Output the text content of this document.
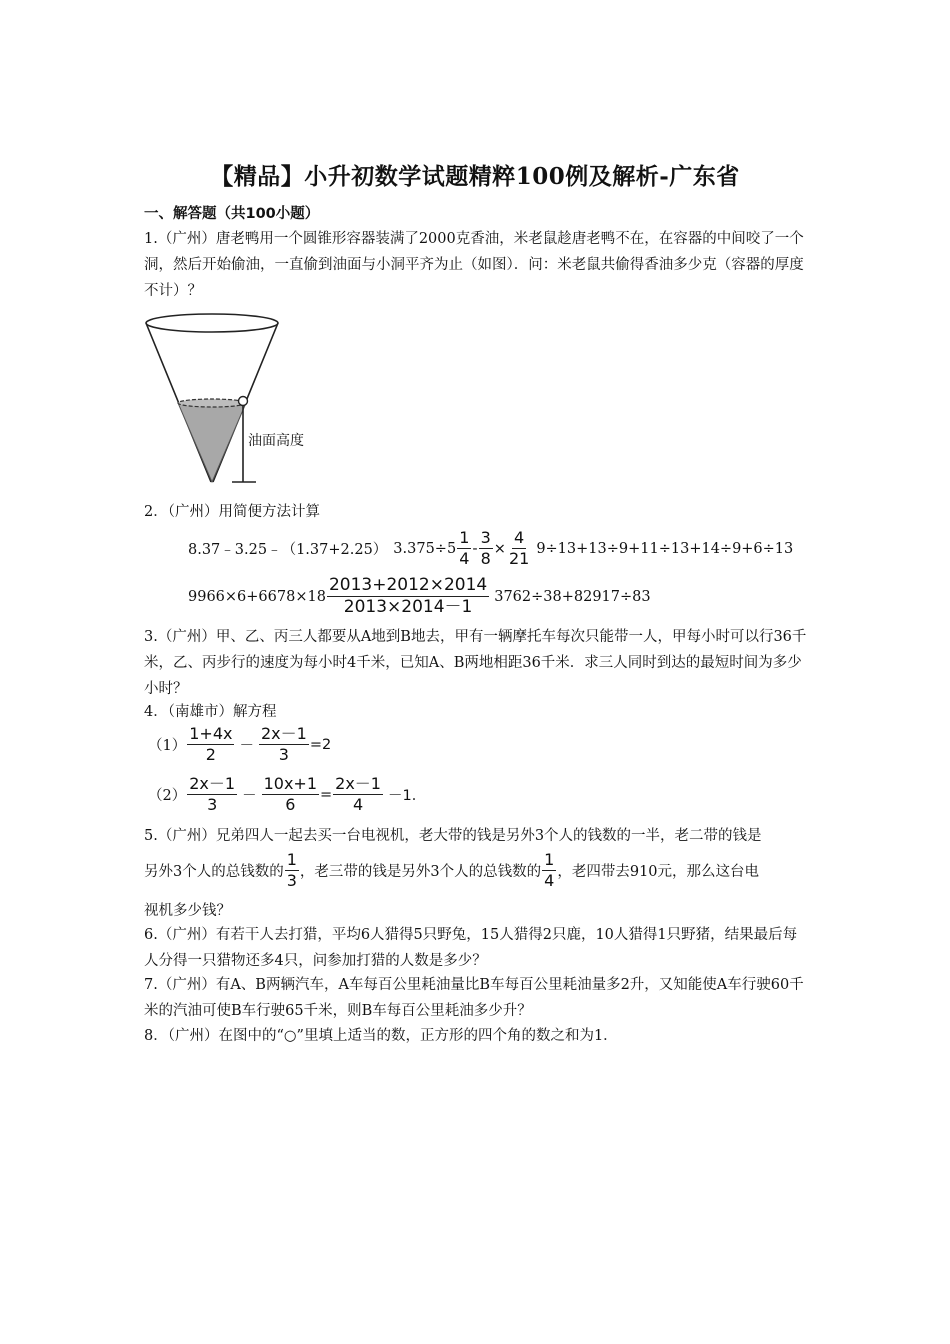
【精品】小升初数学试题精粹100例及解析-广东省
一、解答题（共100小题）
1.（广州）唐老鸭用一个圆锥形容器装满了2000克香油，米老鼠趁唐老鸭不在，在容器的中间咬了一个洞，然后开始偷油，一直偷到油面与小洞平齐为止（如图）．问：米老鼠共偷得香油多少克（容器的厚度不计）？
油面高度
2．（广州）用简便方法计算
8.37﹣3.25﹣（1.37+2.25） $3.375\div 5 \frac{1}{4} - \frac{3}{8} \times \frac{4}{21} 9\div 13+13\div 9+11\div 13+14\div 9+6\div 13$
$9966\times 6+6678\times 18 \frac{2013+2012\times 2014}{2013\times 2014-1} 3762\div 38+82917\div 83$
3.（广州）甲、乙、丙三人都要从A地到B地去，甲有一辆摩托车每次只能带一人，甲每小时可以行36千米，乙、丙步行的速度为每小时4千米，已知A、B两地相距36千米．求三人同时到达的最短时间为多少小时？
4．（南雄市）解方程
$(1) \frac{1+4x}{2} - \frac{2x-1}{3} =2$
$(2) \frac{2x-1}{3} - \frac{10x+1}{6} = \frac{2x-1}{4} -1$．
5.（广州）兄弟四人一起去买一台电视机，老大带的钱是另外3个人的钱数的一半，老二带的钱是
另外3个人的总钱数的 $\frac{1}{3}$ ，老三带的钱是另外3个人的总钱数的 $\frac{1}{4}$ ，老四带去910元，那么这台电
视机多少钱？
6.（广州）有若干人去打猎，平均6人猎得5只野兔，15人猎得2只鹿，10人猎得1只野猪，结果最后每人分得一只猎物还多4只，问参加打猎的人数是多少？
7.（广州）有A、B两辆汽车，A车每百公里耗油量比B车每百公里耗油量多2升，又知能使A车行驶60千米的汽油可使B车行驶65千米，则B车每百公里耗油多少升？
8．（广州）在图中的“○”里填上适当的数，正方形的四个角的数之和为1．
